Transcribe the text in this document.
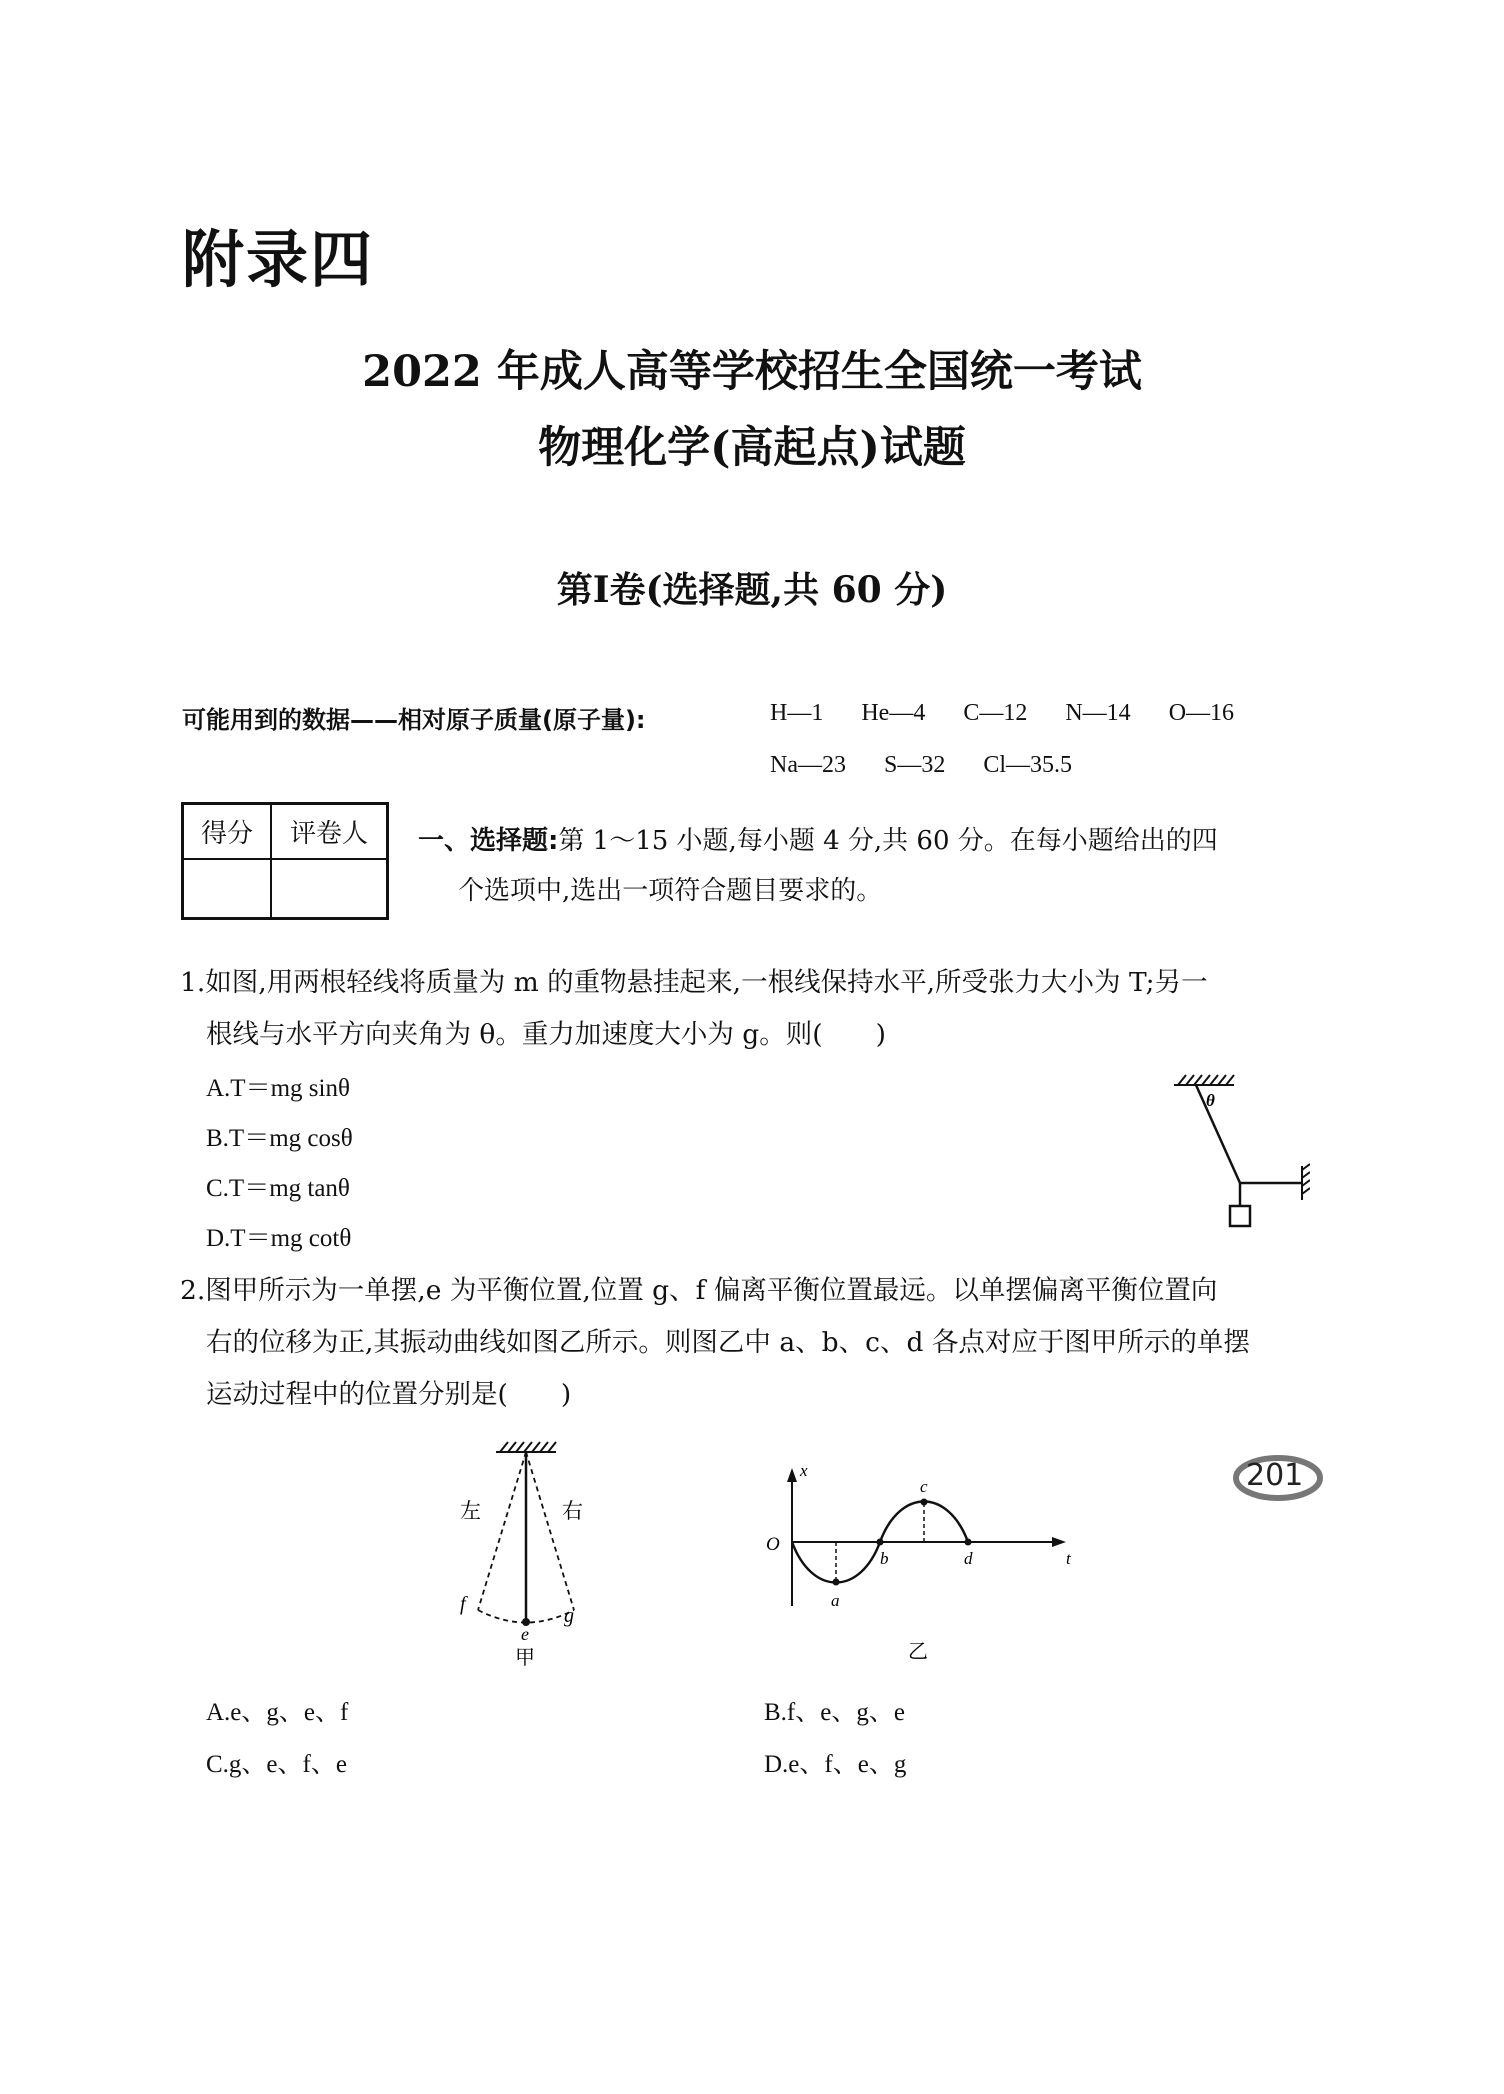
附录四
2022 年成人高等学校招生全国统一考试
物理化学(高起点)试题
第Ⅰ卷(选择题,共 60 分)
可能用到的数据——相对原子质量(原子量):	H—1 He—4 C—12 N—14 O—16
Na—23 S—32 Cl—35.5
得分	评卷人
	一、选择题:第 1～15 小题,每小题 4 分,共 60 分。在每小题给出的四
个选项中,选出一项符合题目要求的。
1.如图,用两根轻线将质量为 m 的重物悬挂起来,一根线保持水平,所受张力大小为 T;另一
根线与水平方向夹角为 θ。重力加速度大小为 g。则(　　)
A.T＝mg sinθ
B.T＝mg cosθ
C.T＝mg tanθ
D.T＝mg cotθ
θ
2.图甲所示为一单摆,e 为平衡位置,位置 g、f 偏离平衡位置最远。以单摆偏离平衡位置向
右的位移为正,其振动曲线如图乙所示。则图乙中 a、b、c、d 各点对应于图甲所示的单摆
运动过程中的位置分别是(　　)
左	右
f
e
g
甲
x
t
O
a
b
c
d
乙
A.e、g、e、f	B.f、e、g、e
C.g、e、f、e	D.e、f、e、g
201
